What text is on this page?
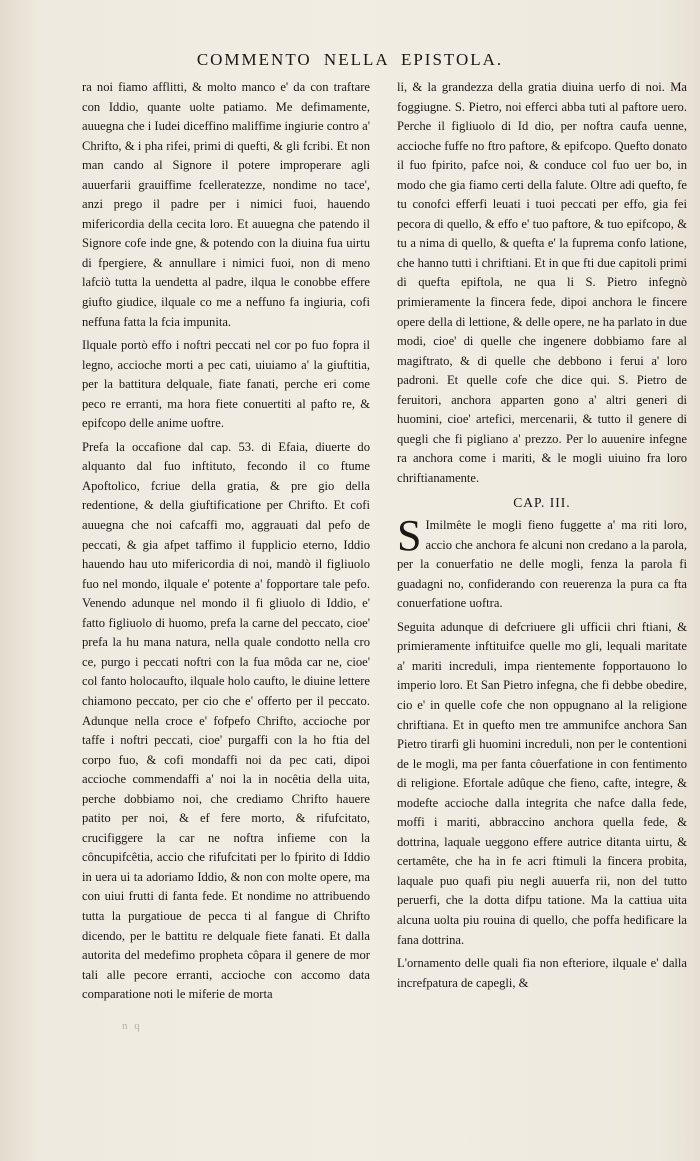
COMMENTO NELLA EPISTOLA.

ra noi fiamo afflitti, & molto manco e' da con traftare con Iddio, quante uolte patiamo. Me defimamente, auuegna che i Iudei diceffino maliffime ingiurie contro a' Chrifto, & i pha rifei, primi di quefti, & gli fcribi. Et non man cando al Signore il potere improperare agli auuerfarii grauiffime fcelleratezze, nondime no tace', anzi prego il padre per i nimici fuoi, hauendo mifericordia della cecita loro. Et auuegna che patendo il Signore cofe inde gne, & potendo con la diuina fua uirtu di fpergiere, & annullare i nimici fuoi, non di meno lafciò tutta la uendetta al padre, ilqua le conobbe effere giufto giudice, ilquale co me a neffuno fa ingiuria, cofi neffuna fatta la fcia impunita.

Ilquale portò effo i noftri peccati nel cor po fuo fopra il legno, accioche morti a pec cati, uiuiamo a' la giuftitia, per la battitura delquale, fiate fanati, perche eri come peco re erranti, ma hora fiete conuertiti al pafto re, & epifcopo delle anime uoftre.

Prefa la occafione dal cap. 53. di Efaia, diuerte do alquanto dal fuo inftituto, fecondo il co ftume Apoftolico, fcriue della gratia, & pre gio della redentione, & della giuftificatione per Chrifto. Et cofi auuegna che noi cafcaffi mo, aggrauati dal pefo de peccati, & gia afpet taffimo il fupplicio eterno, Iddio hauendo hau uto mifericordia di noi, mandò il figliuolo fuo nel mondo, ilquale e' potente a' fopportare tale pefo. Venendo adunque nel mondo il fi gliuolo di Iddio, e' fatto figliuolo di huomo, prefa la carne del peccato, cioe' prefa la hu mana natura, nella quale condotto nella cro ce, purgo i peccati noftri con la fua môda car ne, cioe' col fanto holocaufto, ilquale holo caufto, le diuine lettere chiamono peccato, per cio che e' offerto per il peccato. Adunque nella croce e' fofpefo Chrifto, accioche por taffe i noftri peccati, cioe' purgaffi con la ho ftia del corpo fuo, & cofi mondaffi noi da pec cati, dipoi accioche commendaffi a' noi la in nocêtia della uita, perche dobbiamo noi, che crediamo Chrifto hauere patito per noi, & ef fere morto, & rifufcitato, crucifiggere la car ne noftra infieme con la côncupifcêtia, accio che rifufcitati per lo fpirito di Iddio in uera ui ta adoriamo Iddio, & non con molte opere, ma con uiui frutti di fanta fede. Et nondime no attribuendo tutta la purgatioue de pecca ti al fangue di Chrifto dicendo, per le battitu re delquale fiete fanati. Et dalla autorita del medefimo propheta côpara il genere de mor tali alle pecore erranti, accioche con accomo data comparatione noti le miferie de morta

li, & la grandezza della gratia diuina uerfo di noi. Ma foggiugne. S. Pietro, noi efferci abba tuti al paftore uero. Perche il figliuolo di Id dio, per noftra caufa uenne, accioche fuffe no ftro paftore, & epifcopo. Quefto donato il fuo fpirito, pafce noi, & conduce col fuo uer bo, in modo che gia fiamo certi della falute. Oltre adi quefto, fe tu conofci efferfi leuati i tuoi peccati per effo, gia fei pecora di quello, & effo e' tuo paftore, & tuo epifcopo, & tu a nima di quello, & quefta e' la fuprema confo latione, che hanno tutti i chriftiani. Et in que fti due capitoli primi di quefta epiftola, ne qua li S. Pietro infegnò primieramente la fincera fede, dipoi anchora le fincere opere della di lettione, & delle opere, ne ha parlato in due modi, cioe' di quelle che ingenere dobbiamo fare al magiftrato, & di quelle che debbono i ferui a' loro padroni. Et quelle cofe che dice qui. S. Pietro de feruitori, anchora apparten gono a' altri generi di huomini, cioe' artefici, mercenarii, & tutto il genere di quegli che fi pigliano a' prezzo. Per lo auuenire infegne ra anchora come i mariti, & le mogli uiuino fra loro chriftianamente.

CAP. III.

S Imilmête le mogli fieno fuggette a' ma riti loro, accio che anchora fe alcuni non credano a la parola, per la conuerfatio ne delle mogli, fenza la parola fi guadagni no, confiderando con reuerenza la pura ca fta conuerfatione uoftra.

Seguita adunque di defcriuere gli ufficii chri ftiani, & primieramente inftituifce quelle mo gli, lequali maritate a' mariti increduli, impa rientemente fopportauono lo imperio loro. Et San Pietro infegna, che fi debbe obedire, cio e' in quelle cofe che non oppugnano al la religione chriftiana. Et in quefto men tre ammunifce anchora San Pietro tirarfi gli huomini increduli, non per le contentioni de le mogli, ma per fanta côuerfatione in con fentimento di religione. Efortale adûque che fieno, cafte, integre, & modefte accioche dalla integrita che nafce dalla fede, moffi i mariti, abbraccino anchora quella fede, & dottrina, laquale ueggono effere autrice ditanta uirtu, & certamête, che ha in fe acri ftimuli la fincera probita, laquale puo quafi piu negli auuerfa rii, non del tutto peruerfi, che la dotta difpu tatione. Ma la cattiua uita alcuna uolta piu rouina di quello, che poffa hedificare la fana dottrina.

L'ornamento delle quali fia non efteriore, ilquale e' dalla increfpatura de capegli, &

n q
